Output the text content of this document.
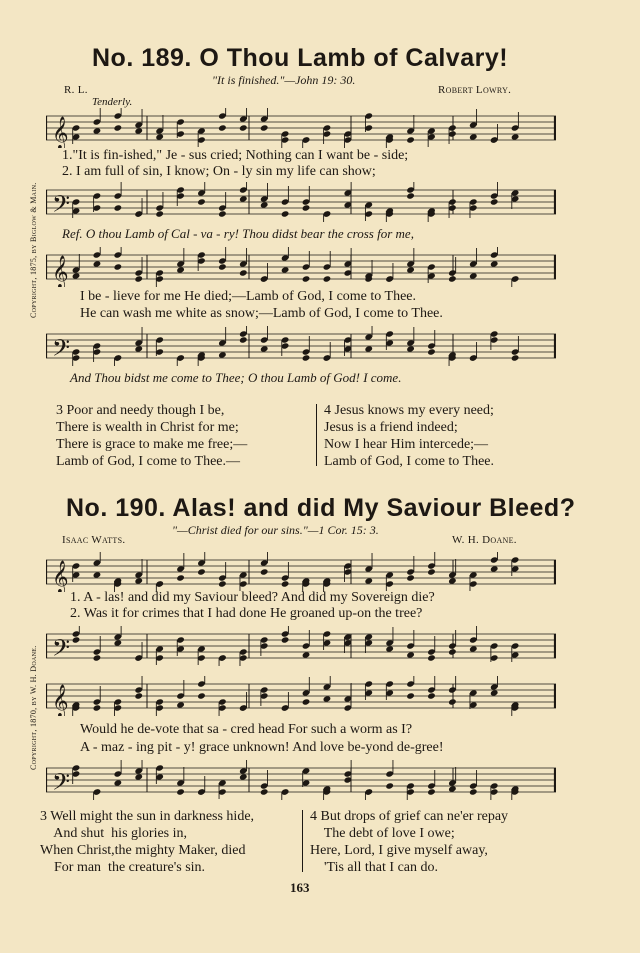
No. 189. O Thou Lamb of Calvary!
"It is finished."—John 19: 30.
R. L.	Robert Lowry.
Tenderly.
Copyright, 1875, by Biglow & Main.
𝄞
1."It is fin-ished," Je - sus cried; Nothing can I want be - side;
2. I am full of sin, I know; On - ly sin my life can show;
𝄢
Ref. O thou Lamb of Cal - va - ry! Thou didst bear the cross for me,
𝄞
I be - lieve for me He died;—Lamb of God, I come to Thee.
He can wash me white as snow;—Lamb of God, I come to Thee.
𝄢
And Thou bidst me come to Thee; O thou Lamb of God! I come.
3 Poor and needy though I be,
There is wealth in Christ for me;
There is grace to make me free;—
Lamb of God, I come to Thee.—
4 Jesus knows my every need;
Jesus is a friend indeed;
Now I hear Him intercede;—
Lamb of God, I come to Thee.
No. 190. Alas! and did My Saviour Bleed?
"—Christ died for our sins."—1 Cor. 15: 3.
Isaac Watts.	W. H. Doane.
Copyright, 1870, by W. H. Doane.
𝄞
1. A - las! and did my Saviour bleed? And did my Sovereign die?
2. Was it for crimes that I had done He groaned up-on the tree?
𝄢
𝄞
Would he de-vote that sa - cred head For such a worm as I?
A - maz - ing pit - y! grace unknown! And love be-yond de-gree!
𝄢
3 Well might the sun in darkness hide,
And shut  his glories in,
When Christ,the mighty Maker, died
For man  the creature's sin.
4 But drops of grief can ne'er repay
The debt of love I owe;
Here, Lord, I give myself away,
'Tis all that I can do.
163
